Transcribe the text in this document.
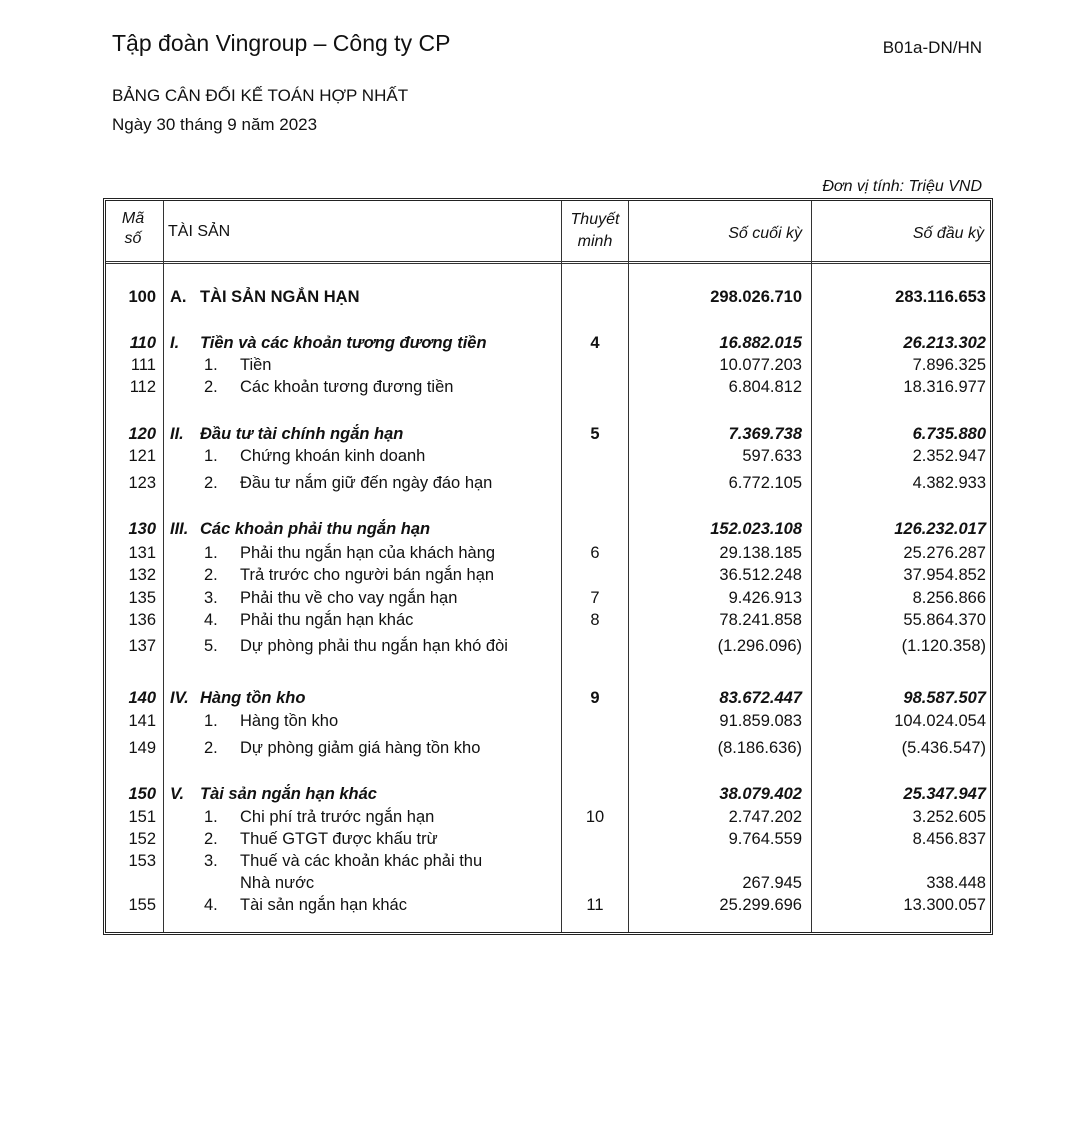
Tập đoàn Vingroup – Công ty CP	B01a-DN/HN
BẢNG CÂN ĐỐI KẾ TOÁN HỢP NHẤT
Ngày 30 tháng 9 năm 2023
Đơn vị tính: Triệu VND
Mã
số	TÀI SẢN
Thuyết
minh	Số cuối kỳ	Số đầu kỳ
100 A. TÀI SẢN NGẮN HẠN	298.026.710	283.116.653
110 I. Tiền và các khoản tương đương tiền	4	16.882.015	26.213.302
111	1. Tiền	10.077.203	7.896.325
112	2. Các khoản tương đương tiền	6.804.812	18.316.977
120 II. Đầu tư tài chính ngắn hạn	5	7.369.738	6.735.880
121	1. Chứng khoán kinh doanh	597.633	2.352.947
123	2. Đầu tư nắm giữ đến ngày đáo hạn	6.772.105	4.382.933
130 III. Các khoản phải thu ngắn hạn	152.023.108	126.232.017
131	1. Phải thu ngắn hạn của khách hàng	6	29.138.185	25.276.287
132	2. Trả trước cho người bán ngắn hạn	36.512.248	37.954.852
135	3. Phải thu về cho vay ngắn hạn	7	9.426.913	8.256.866
136	4. Phải thu ngắn hạn khác	8	78.241.858	55.864.370
137	5. Dự phòng phải thu ngắn hạn khó đòi	(1.296.096)	(1.120.358)
140 IV. Hàng tồn kho	9	83.672.447	98.587.507
141	1. Hàng tồn kho	91.859.083	104.024.054
149	2. Dự phòng giảm giá hàng tồn kho	(8.186.636)	(5.436.547)
150 V. Tài sản ngắn hạn khác	38.079.402	25.347.947
151	1. Chi phí trả trước ngắn hạn	10	2.747.202	3.252.605
152	2. Thuế GTGT được khấu trừ	9.764.559	8.456.837
153	3. Thuế và các khoản khác phải thu
Nhà nước	267.945	338.448
155	4. Tài sản ngắn hạn khác	11	25.299.696	13.300.057
